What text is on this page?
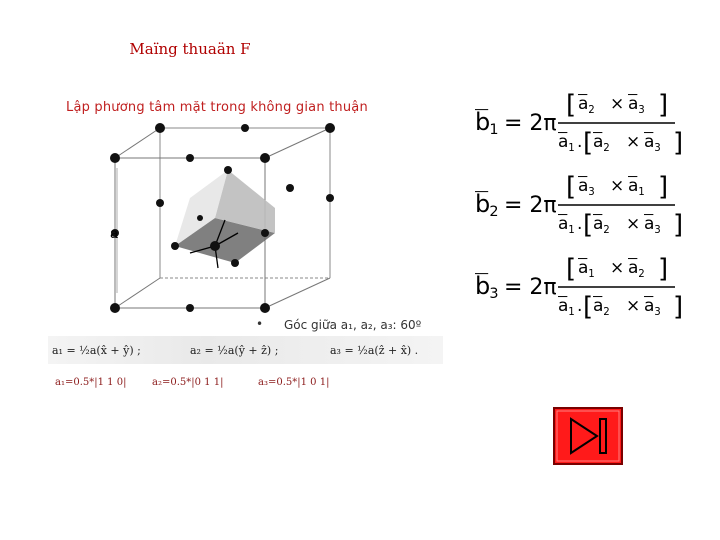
Maïng thuaän F
Lập phương tâm mặt trong không gian thuận
a
• Góc giữa a₁, a₂, a₃: 60º
a₁ = ½a(x̂ + ŷ) ;	a₂ = ½a(ŷ + ẑ) ;	a₃ = ½a(ẑ + x̂) .
a₁=0.5*|1 1 0|	a₂=0.5*|0 1 1|	a₃=0.5*|1 0 1|
b 1 = 2π
[ a 2 × a 3 ]
a 1 . [ a 2 × a 3 ]
b 2 = 2π
[ a 3 × a 1 ]
a 1 . [ a 2 × a 3 ]
b 3 = 2π
[ a 1 × a 2 ]
a 1 . [ a 2 × a 3 ]
